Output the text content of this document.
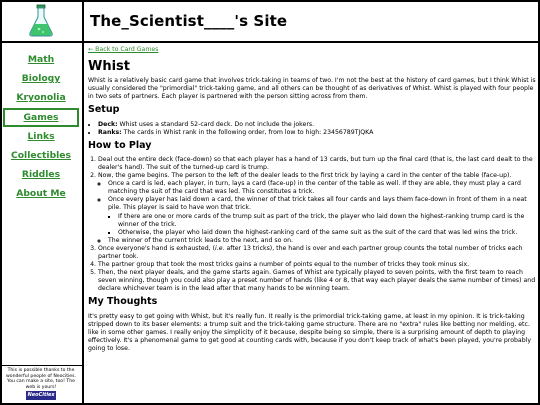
The_Scientist____'s Site
Math
Biology
Kryonolia
Games
Links
Collectibles
Riddles
About Me
This is possible thanks to the wonderful people of Neocities. You can make a site, too! The web is yours!
NeoCities
← Back to Card Games
Whist

Whist is a relatively basic card game that involves trick-taking in teams of two. I'm not the best at the history of card games, but I think Whist is usually considered the "primordial" trick-taking game, and all others can be thought of as derivatives of Whist. Whist is played with four people in two sets of partners. Each player is partnered with the person sitting across from them.

Setup
• Deck: Whist uses a standard 52-card deck. Do not include the jokers.
• Ranks: The cards in Whist rank in the following order, from low to high: 23456789TJQKA
How to Play
1. Deal out the entire deck (face-down) so that each player has a hand of 13 cards, but turn up the final card (that is, the last card dealt to the dealer's hand). The suit of the turned-up card is trump.
2. Now, the game begins. The person to the left of the dealer leads to the first trick by laying a card in the center of the table (face-up).
◦ Once a card is led, each player, in turn, lays a card (face-up) in the center of the table as well. If they are able, they must play a card matching the suit of the card that was led. This constitutes a trick.
◦ Once every player has laid down a card, the winner of that trick takes all four cards and lays them face-down in front of them in a neat pile. This player is said to have won that trick.
▪ If there are one or more cards of the trump suit as part of the trick, the player who laid down the highest-ranking trump card is the winner of the trick.
▪ Otherwise, the player who laid down the highest-ranking card of the same suit as the suit of the card that was led wins the trick.
◦ The winner of the current trick leads to the next, and so on.
3. Once everyone's hand is exhausted, (i.e. after 13 tricks), the hand is over and each partner group counts the total number of tricks each partner took.
4. The partner group that took the most tricks gains a number of points equal to the number of tricks they took minus six.
5. Then, the next player deals, and the game starts again. Games of Whist are typically played to seven points, with the first team to reach seven winning, though you could also play a preset number of hands (like 4 or 8, that way each player deals the same number of times) and declare whichever team is in the lead after that many hands to be winning team.
My Thoughts

It's pretty easy to get going with Whist, but it's really fun. It really is the primordial trick-taking game, at least in my opinion. It is trick-taking stripped down to its baser elements: a trump suit and the trick-taking game structure. There are no "extra" rules like betting nor melding, etc. like in some other games. I really enjoy the simplicity of it because, despite being so simple, there is a surprising amount of depth to playing effectively. It's a phenomenal game to get good at counting cards with, because if you don't keep track of what's been played, you're probably going to lose.
